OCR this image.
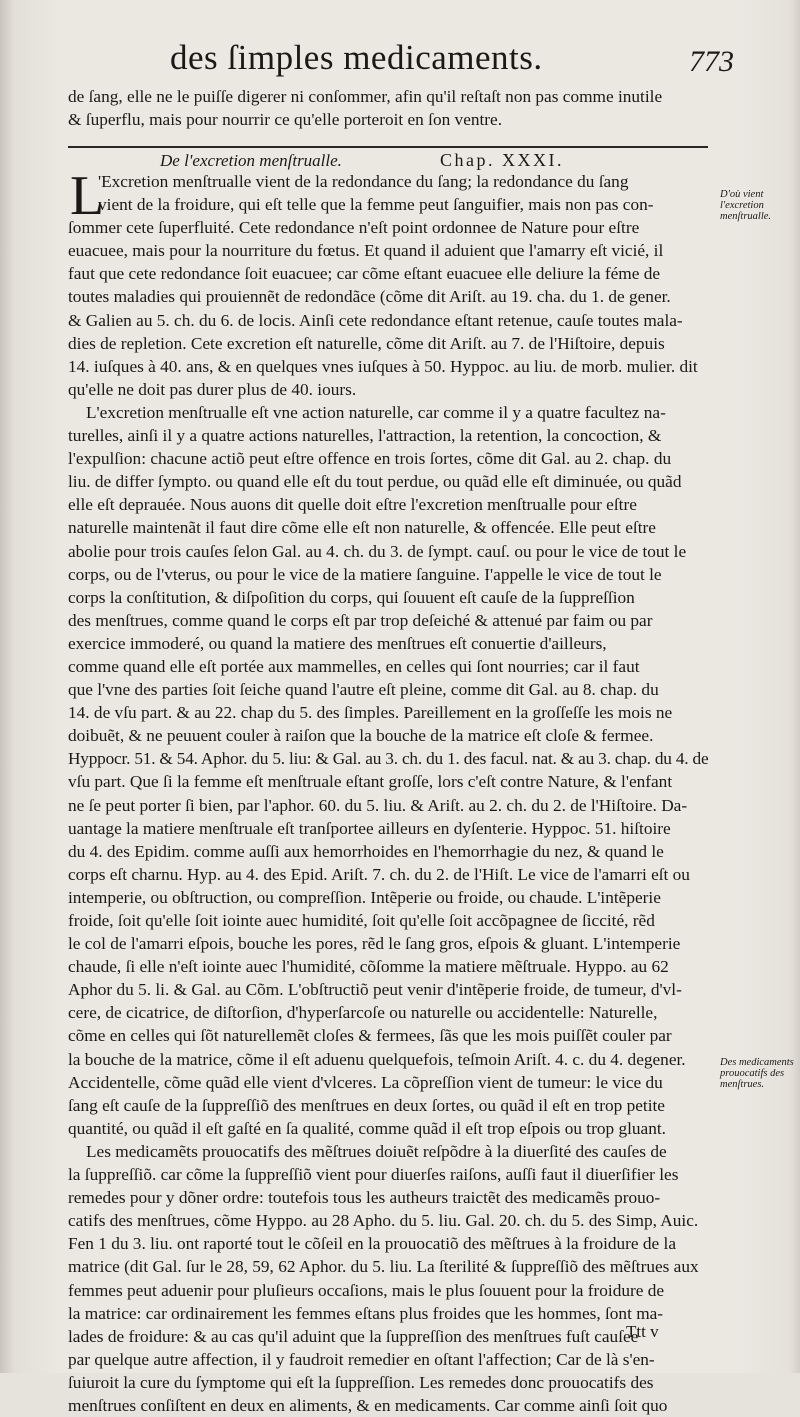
des ſimples medicaments.	773
de ſang, elle ne le puiſſe digerer ni conſommer, afin qu'il reſtaſt non pas comme inutile
& ſuperflu, mais pour nourrir ce qu'elle porteroit en ſon ventre.
De l'excretion menſtrualle.	Chap. XXXI.
L
'Excretion menſtrualle vient de la redondance du ſang; la redondance du ſang
vient de la froidure, qui eſt telle que la femme peut ſanguifier, mais non pas con-
ſommer cete ſuperfluité. Cete redondance n'eſt point ordonnee de Nature pour eſtre
euacuee, mais pour la nourriture du fœtus. Et quand il aduient que l'amarry eſt vicié, il
faut que cete redondance ſoit euacuee; car cõme eſtant euacuee elle deliure la féme de
toutes maladies qui prouiennẽt de redondãce (cõme dit Ariſt. au 19. cha. du 1. de gener.
& Galien au 5. ch. du 6. de locis. Ainſi cete redondance eſtant retenue, cauſe toutes mala-
dies de repletion. Cete excretion eſt naturelle, cõme dit Ariſt. au 7. de l'Hiſtoire, depuis
14. iuſques à 40. ans, & en quelques vnes iuſques à 50. Hyppoc. au liu. de morb. mulier. dit
qu'elle ne doit pas durer plus de 40. iours.
L'excretion menſtrualle eſt vne action naturelle, car comme il y a quatre facultez na-
turelles, ainſi il y a quatre actions naturelles, l'attraction, la retention, la concoction, &
l'expulſion: chacune actiõ peut eſtre offence en trois ſortes, cõme dit Gal. au 2. chap. du
liu. de differ ſympto. ou quand elle eſt du tout perdue, ou quãd elle eſt diminuée, ou quãd
elle eſt deprauée. Nous auons dit quelle doit eſtre l'excretion menſtrualle pour eſtre
naturelle maintenãt il faut dire cõme elle eſt non naturelle, & offencée. Elle peut eſtre
abolie pour trois cauſes ſelon Gal. au 4. ch. du 3. de ſympt. cauſ. ou pour le vice de tout le
corps, ou de l'vterus, ou pour le vice de la matiere ſanguine. I'appelle le vice de tout le
corps la conſtitution, & diſpoſition du corps, qui ſouuent eſt cauſe de la ſuppreſſion
des menſtrues, comme quand le corps eſt par trop deſeiché & attenué par faim ou par
exercice immoderé, ou quand la matiere des menſtrues eſt conuertie d'ailleurs,
comme quand elle eſt portée aux mammelles, en celles qui ſont nourries; car il faut
que l'vne des parties ſoit ſeiche quand l'autre eſt pleine, comme dit Gal. au 8. chap. du
14. de vſu part. & au 22. chap du 5. des ſimples. Pareillement en la groſſeſſe les mois ne
doibuẽt, & ne peuuent couler à raiſon que la bouche de la matrice eſt cloſe & fermee.
Hyppocr. 51. & 54. Aphor. du 5. liu: & Gal. au 3. ch. du 1. des facul. nat. & au 3. chap. du 4. de
vſu part. Que ſi la femme eſt menſtruale eſtant groſſe, lors c'eſt contre Nature, & l'enfant
ne ſe peut porter ſi bien, par l'aphor. 60. du 5. liu. & Ariſt. au 2. ch. du 2. de l'Hiſtoire. Da-
uantage la matiere menſtruale eſt tranſportee ailleurs en dyſenterie. Hyppoc. 51. hiſtoire
du 4. des Epidim. comme auſſi aux hemorrhoides en l'hemorrhagie du nez, & quand le
corps eſt charnu. Hyp. au 4. des Epid. Ariſt. 7. ch. du 2. de l'Hiſt. Le vice de l'amarri eſt ou
intemperie, ou obſtruction, ou compreſſion. Intẽperie ou froide, ou chaude. L'intẽperie
froide, ſoit qu'elle ſoit iointe auec humidité, ſoit qu'elle ſoit accõpagnee de ſiccité, rẽd
le col de l'amarri eſpois, bouche les pores, rẽd le ſang gros, eſpois & gluant. L'intemperie
chaude, ſi elle n'eſt iointe auec l'humidité, cõſomme la matiere mẽſtruale. Hyppo. au 62
Aphor du 5. li. & Gal. au Cõm. L'obſtructiõ peut venir d'intẽperie froide, de tumeur, d'vl-
cere, de cicatrice, de diſtorſion, d'hyperſarcoſe ou naturelle ou accidentelle: Naturelle,
cõme en celles qui ſõt naturellemẽt cloſes & fermees, ſãs que les mois puiſſẽt couler par
la bouche de la matrice, cõme il eſt aduenu quelquefois, teſmoin Ariſt. 4. c. du 4. degener.
Accidentelle, cõme quãd elle vient d'vlceres. La cõpreſſion vient de tumeur: le vice du
ſang eſt cauſe de la ſuppreſſiõ des menſtrues en deux ſortes, ou quãd il eſt en trop petite
quantité, ou quãd il eſt gaſté en ſa qualité, comme quãd il eſt trop eſpois ou trop gluant.
Les medicamẽts prouocatifs des mẽſtrues doiuẽt reſpõdre à la diuerſité des cauſes de
la ſuppreſſiõ. car cõme la ſuppreſſiõ vient pour diuerſes raiſons, auſſi faut il diuerſifier les
remedes pour y dõner ordre: toutefois tous les autheurs traictẽt des medicamẽs prouo-
catifs des menſtrues, cõme Hyppo. au 28 Apho. du 5. liu. Gal. 20. ch. du 5. des Simp, Auic.
Fen 1 du 3. liu. ont raporté tout le cõſeil en la prouocatiõ des mẽſtrues à la froidure de la
matrice (dit Gal. ſur le 28, 59, 62 Aphor. du 5. liu. La ſterilité & ſuppreſſiõ des mẽſtrues aux
femmes peut aduenir pour pluſieurs occaſions, mais le plus ſouuent pour la froidure de
la matrice: car ordinairement les femmes eſtans plus froides que les hommes, ſont ma-
lades de froidure: & au cas qu'il aduint que la ſuppreſſion des menſtrues fuſt cauſee
par quelque autre affection, il y faudroit remedier en oſtant l'affection; Car de là s'en-
ſuiuroit la cure du ſymptome qui eſt la ſuppreſſion. Les remedes donc prouocatifs des
menſtrues conſiſtent en deux en aliments, & en medicaments. Car comme ainſi ſoit quo
D'où vient l'excretion menſtrualle.
Des medicaments prouocatifs des menſtrues.
Ttt v
